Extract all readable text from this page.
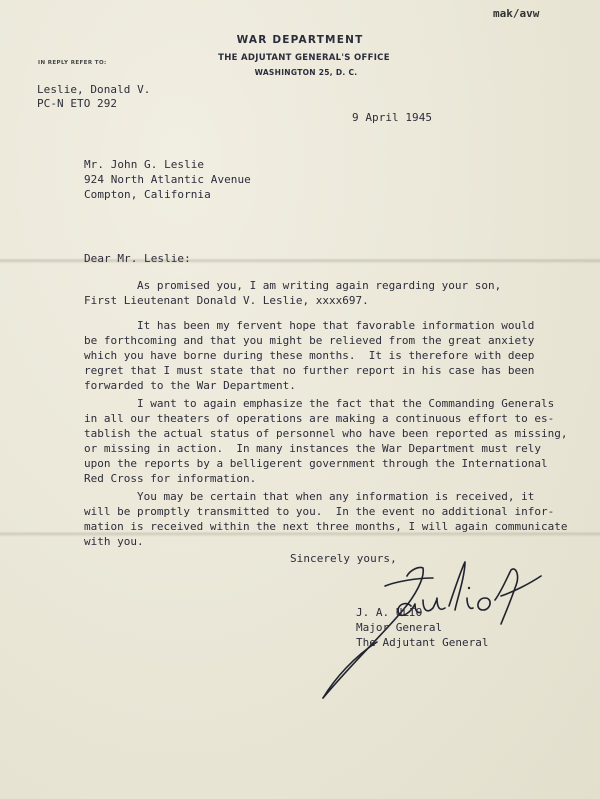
mak/avw
WAR DEPARTMENT
THE ADJUTANT GENERAL'S OFFICE
WASHINGTON 25, D. C.
IN REPLY REFER TO:
Leslie, Donald V.
PC-N ETO 292
9 April 1945
Mr. John G. Leslie
924 North Atlantic Avenue
Compton, California
Dear Mr. Leslie:
As promised you, I am writing again regarding your son,
First Lieutenant Donald V. Leslie, xxxx697.
It has been my fervent hope that favorable information would
be forthcoming and that you might be relieved from the great anxiety
which you have borne during these months.  It is therefore with deep
regret that I must state that no further report in his case has been
forwarded to the War Department.
I want to again emphasize the fact that the Commanding Generals
in all our theaters of operations are making a continuous effort to es-
tablish the actual status of personnel who have been reported as missing,
or missing in action.  In many instances the War Department must rely
upon the reports by a belligerent government through the International
Red Cross for information.
You may be certain that when any information is received, it
will be promptly transmitted to you.  In the event no additional infor-
mation is received within the next three months, I will again communicate
with you.
Sincerely yours,
J. A. ULIO
Major General
The Adjutant General
